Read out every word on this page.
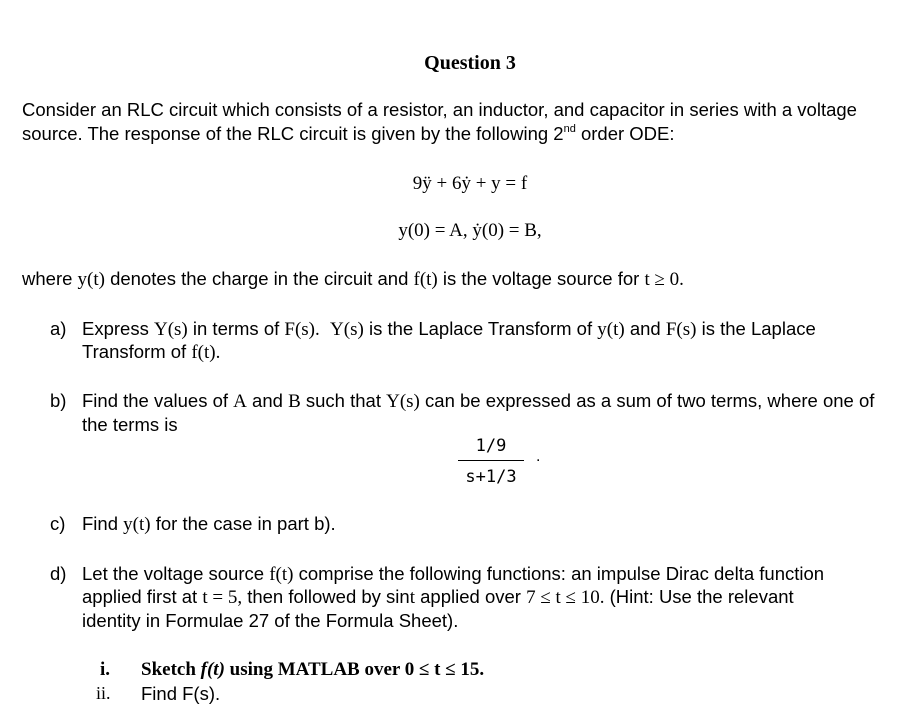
Question 3
Consider an RLC circuit which consists of a resistor, an inductor, and capacitor in series with a voltage
source. The response of the RLC circuit is given by the following 2nd order ODE:
9ÿ + 6ẏ + y = f
y(0) = A, ẏ(0) = B,
where y(t) denotes the charge in the circuit and f(t) is the voltage source for t ≥ 0.
a) Express Y(s) in terms of F(s). Y(s) is the Laplace Transform of y(t) and F(s) is the Laplace
Transform of f(t).
b) Find the values of A and B such that Y(s) can be expressed as a sum of two terms, where one of
the terms is
$\frac{1/9}{s+1/3}$ .
c) Find y(t) for the case in part b).
d) Let the voltage source f(t) comprise the following functions: an impulse Dirac delta function
applied first at t = 5, then followed by sint applied over 7 ≤ t ≤ 10. (Hint: Use the relevant
identity in Formulae 27 of the Formula Sheet).
i. Sketch f(t) using MATLAB over 0 ≤ t ≤ 15.
ii. Find F(s).
